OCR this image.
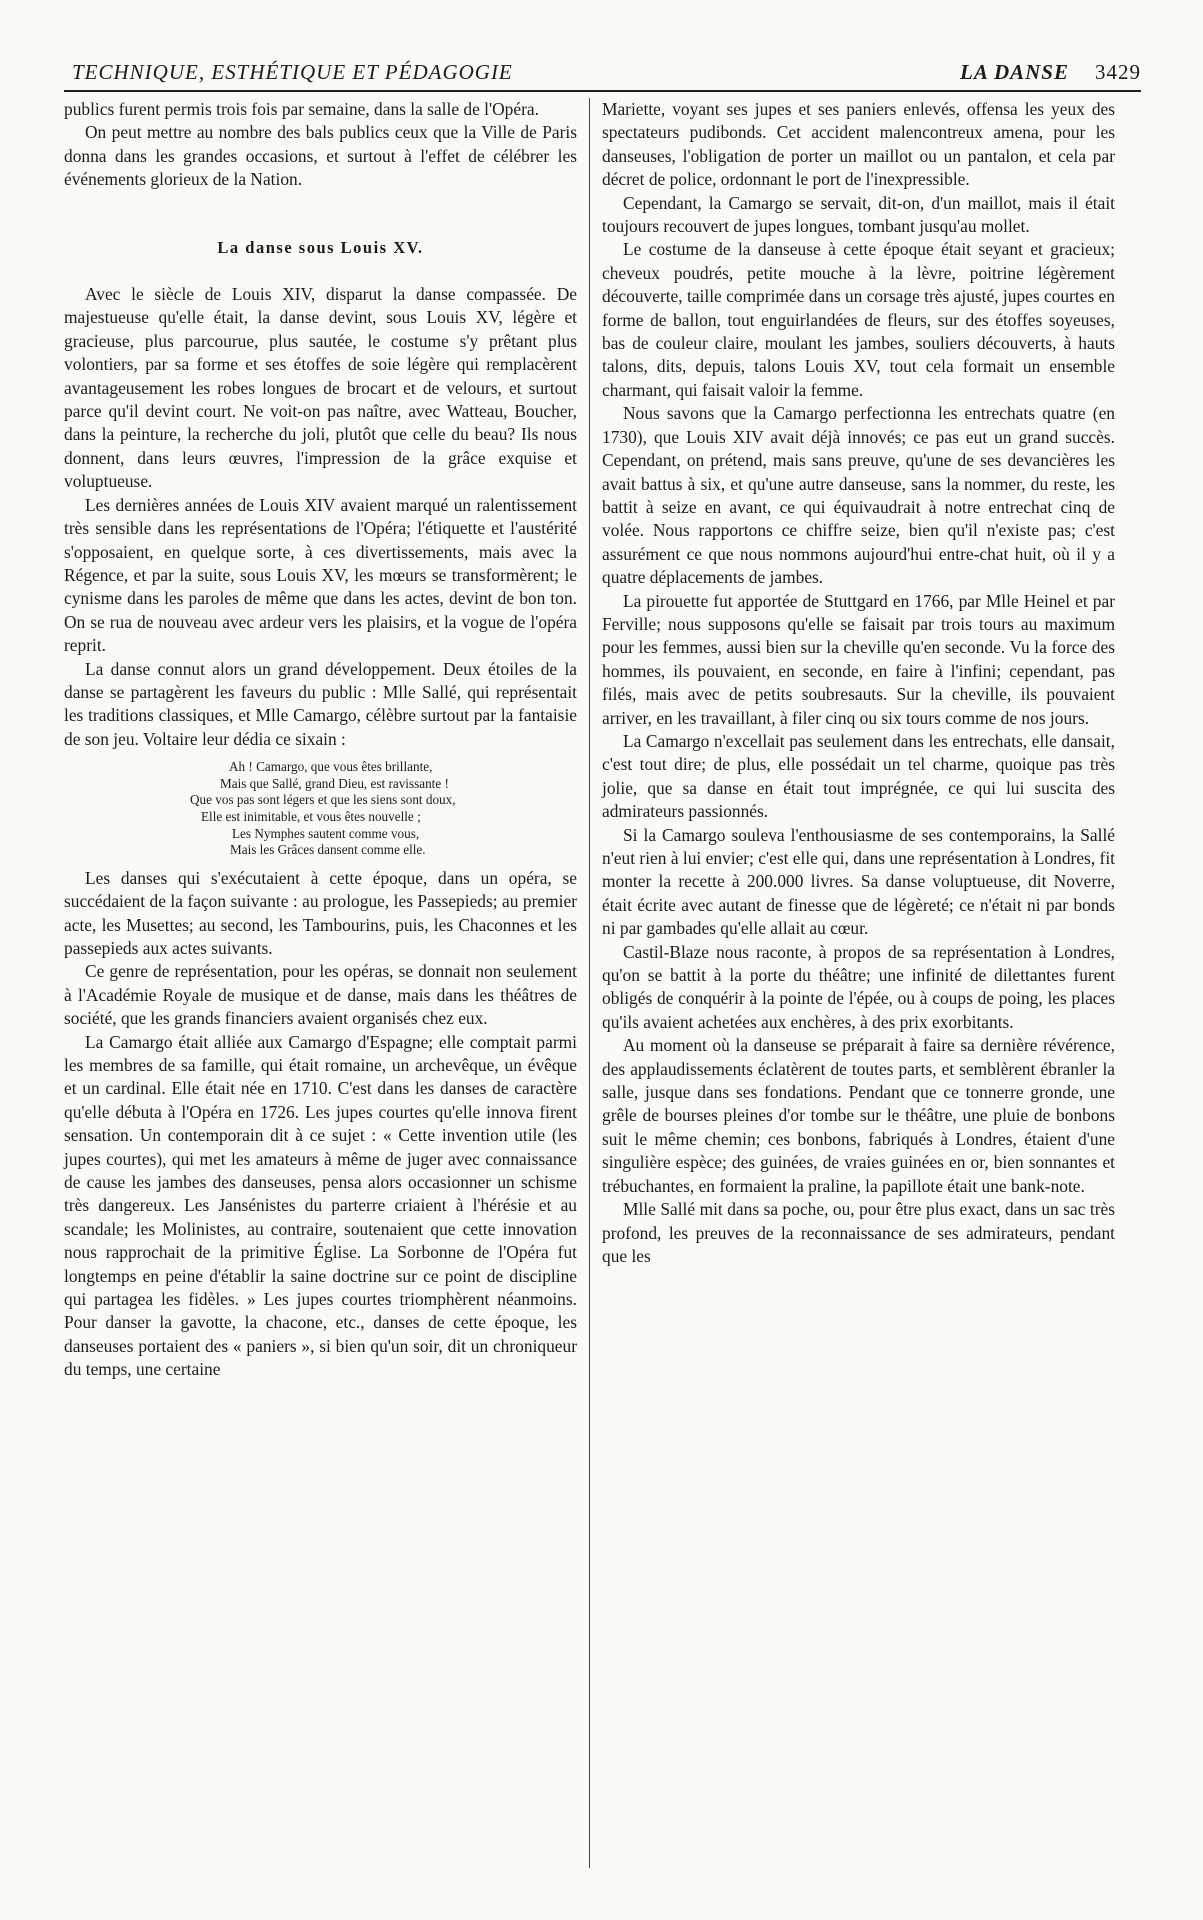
TECHNIQUE, ESTHÉTIQUE ET PÉDAGOGIE	LA DANSE 3429

publics furent permis trois fois par semaine, dans la salle de l'Opéra.

On peut mettre au nombre des bals publics ceux que la Ville de Paris donna dans les grandes occasions, et surtout à l'effet de célébrer les événements glorieux de la Nation.

La danse sous Louis XV.

Avec le siècle de Louis XIV, disparut la danse compassée. De majestueuse qu'elle était, la danse devint, sous Louis XV, légère et gracieuse, plus parcourue, plus sautée, le costume s'y prêtant plus volontiers, par sa forme et ses étoffes de soie légère qui remplacèrent avantageusement les robes longues de brocart et de velours, et surtout parce qu'il devint court. Ne voit-on pas naître, avec Watteau, Boucher, dans la peinture, la recherche du joli, plutôt que celle du beau? Ils nous donnent, dans leurs œuvres, l'impression de la grâce exquise et voluptueuse.

Les dernières années de Louis XIV avaient marqué un ralentissement très sensible dans les représentations de l'Opéra; l'étiquette et l'austérité s'opposaient, en quelque sorte, à ces divertissements, mais avec la Régence, et par la suite, sous Louis XV, les mœurs se transformèrent; le cynisme dans les paroles de même que dans les actes, devint de bon ton. On se rua de nouveau avec ardeur vers les plaisirs, et la vogue de l'opéra reprit.

La danse connut alors un grand développement. Deux étoiles de la danse se partagèrent les faveurs du public : Mlle Sallé, qui représentait les traditions classiques, et Mlle Camargo, célèbre surtout par la fantaisie de son jeu. Voltaire leur dédia ce sixain :

Ah ! Camargo, que vous êtes brillante,
Mais que Sallé, grand Dieu, est ravissante !
Que vos pas sont légers et que les siens sont doux,
Elle est inimitable, et vous êtes nouvelle ;
Les Nymphes sautent comme vous,
Mais les Grâces dansent comme elle.

Les danses qui s'exécutaient à cette époque, dans un opéra, se succédaient de la façon suivante : au prologue, les Passepieds; au premier acte, les Musettes; au second, les Tambourins, puis, les Chaconnes et les passepieds aux actes suivants.

Ce genre de représentation, pour les opéras, se donnait non seulement à l'Académie Royale de musique et de danse, mais dans les théâtres de société, que les grands financiers avaient organisés chez eux.

La Camargo était alliée aux Camargo d'Espagne; elle comptait parmi les membres de sa famille, qui était romaine, un archevêque, un évêque et un cardinal. Elle était née en 1710. C'est dans les danses de caractère qu'elle débuta à l'Opéra en 1726. Les jupes courtes qu'elle innova firent sensation. Un contemporain dit à ce sujet : « Cette invention utile (les jupes courtes), qui met les amateurs à même de juger avec connaissance de cause les jambes des danseuses, pensa alors occasionner un schisme très dangereux. Les Jansénistes du parterre criaient à l'hérésie et au scandale; les Molinistes, au contraire, soutenaient que cette innovation nous rapprochait de la primitive Église. La Sorbonne de l'Opéra fut longtemps en peine d'établir la saine doctrine sur ce point de discipline qui partagea les fidèles. » Les jupes courtes triomphèrent néanmoins. Pour danser la gavotte, la chacone, etc., danses de cette époque, les danseuses portaient des « paniers », si bien qu'un soir, dit un chroniqueur du temps, une certaine

Mariette, voyant ses jupes et ses paniers enlevés, offensa les yeux des spectateurs pudibonds. Cet accident malencontreux amena, pour les danseuses, l'obligation de porter un maillot ou un pantalon, et cela par décret de police, ordonnant le port de l'inexpressible.

Cependant, la Camargo se servait, dit-on, d'un maillot, mais il était toujours recouvert de jupes longues, tombant jusqu'au mollet.

Le costume de la danseuse à cette époque était seyant et gracieux; cheveux poudrés, petite mouche à la lèvre, poitrine légèrement découverte, taille comprimée dans un corsage très ajusté, jupes courtes en forme de ballon, tout enguirlandées de fleurs, sur des étoffes soyeuses, bas de couleur claire, moulant les jambes, souliers découverts, à hauts talons, dits, depuis, talons Louis XV, tout cela formait un ensemble charmant, qui faisait valoir la femme.

Nous savons que la Camargo perfectionna les entrechats quatre (en 1730), que Louis XIV avait déjà innovés; ce pas eut un grand succès. Cependant, on prétend, mais sans preuve, qu'une de ses devancières les avait battus à six, et qu'une autre danseuse, sans la nommer, du reste, les battit à seize en avant, ce qui équivaudrait à notre entrechat cinq de volée. Nous rapportons ce chiffre seize, bien qu'il n'existe pas; c'est assurément ce que nous nommons aujourd'hui entre-chat huit, où il y a quatre déplacements de jambes.

La pirouette fut apportée de Stuttgard en 1766, par Mlle Heinel et par Ferville; nous supposons qu'elle se faisait par trois tours au maximum pour les femmes, aussi bien sur la cheville qu'en seconde. Vu la force des hommes, ils pouvaient, en seconde, en faire à l'infini; cependant, pas filés, mais avec de petits soubresauts. Sur la cheville, ils pouvaient arriver, en les travaillant, à filer cinq ou six tours comme de nos jours.

La Camargo n'excellait pas seulement dans les entrechats, elle dansait, c'est tout dire; de plus, elle possédait un tel charme, quoique pas très jolie, que sa danse en était tout imprégnée, ce qui lui suscita des admirateurs passionnés.

Si la Camargo souleva l'enthousiasme de ses contemporains, la Sallé n'eut rien à lui envier; c'est elle qui, dans une représentation à Londres, fit monter la recette à 200.000 livres. Sa danse voluptueuse, dit Noverre, était écrite avec autant de finesse que de légèreté; ce n'était ni par bonds ni par gambades qu'elle allait au cœur.

Castil-Blaze nous raconte, à propos de sa représentation à Londres, qu'on se battit à la porte du théâtre; une infinité de dilettantes furent obligés de conquérir à la pointe de l'épée, ou à coups de poing, les places qu'ils avaient achetées aux enchères, à des prix exorbitants.

Au moment où la danseuse se préparait à faire sa dernière révérence, des applaudissements éclatèrent de toutes parts, et semblèrent ébranler la salle, jusque dans ses fondations. Pendant que ce tonnerre gronde, une grêle de bourses pleines d'or tombe sur le théâtre, une pluie de bonbons suit le même chemin; ces bonbons, fabriqués à Londres, étaient d'une singulière espèce; des guinées, de vraies guinées en or, bien sonnantes et trébuchantes, en formaient la praline, la papillote était une bank-note.

Mlle Sallé mit dans sa poche, ou, pour être plus exact, dans un sac très profond, les preuves de la reconnaissance de ses admirateurs, pendant que les
